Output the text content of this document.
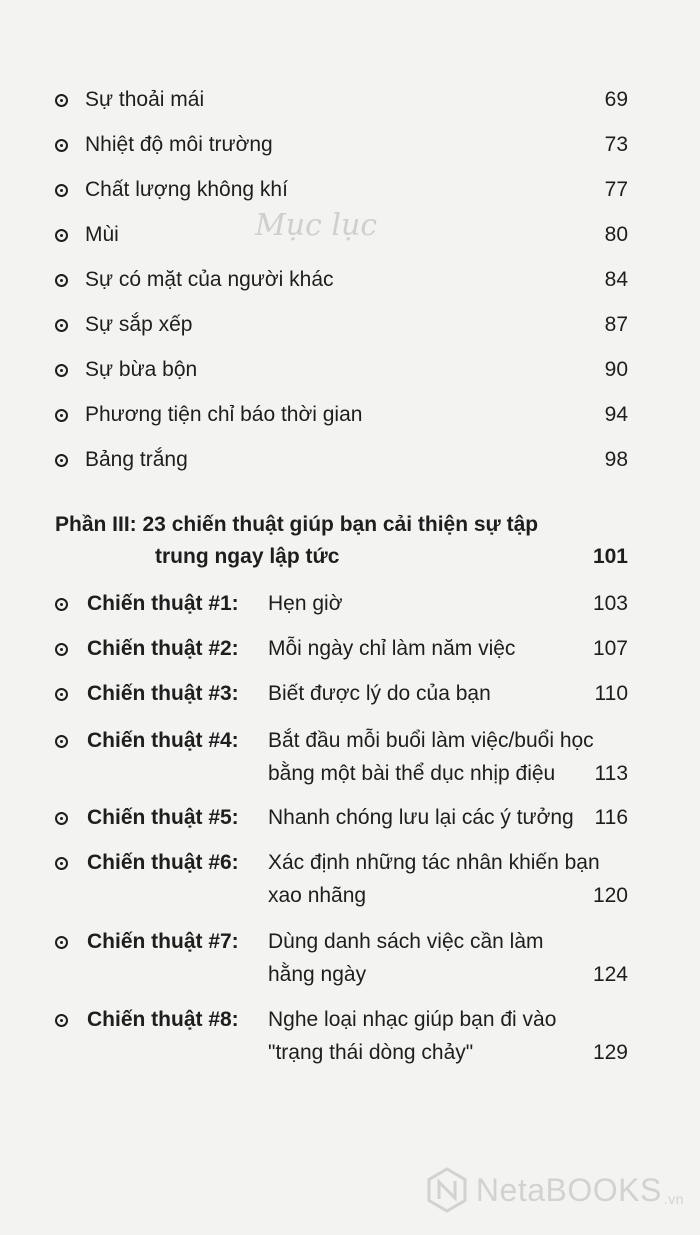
Mục lục
Sự thoải mái	69
Nhiệt độ môi trường	73
Chất lượng không khí	77
Mùi	80
Sự có mặt của người khác	84
Sự sắp xếp	87
Sự bừa bộn	90
Phương tiện chỉ báo thời gian	94
Bảng trắng	98
Phần III: 23 chiến thuật giúp bạn cải thiện sự tập
trung ngay lập tức	101
Chiến thuật #1: Hẹn giờ	103
Chiến thuật #2: Mỗi ngày chỉ làm năm việc	107
Chiến thuật #3: Biết được lý do của bạn	110
Chiến thuật #4: Bắt đầu mỗi buổi làm việc/buổi học
bằng một bài thể dục nhịp điệu 113
Chiến thuật #5: Nhanh chóng lưu lại các ý tưởng 116
Chiến thuật #6: Xác định những tác nhân khiến bạn
xao nhãng	120
Chiến thuật #7: Dùng danh sách việc cần làm
hằng ngày	124
Chiến thuật #8: Nghe loại nhạc giúp bạn đi vào
"trạng thái dòng chảy"	129
NetaBOOKS .vn
